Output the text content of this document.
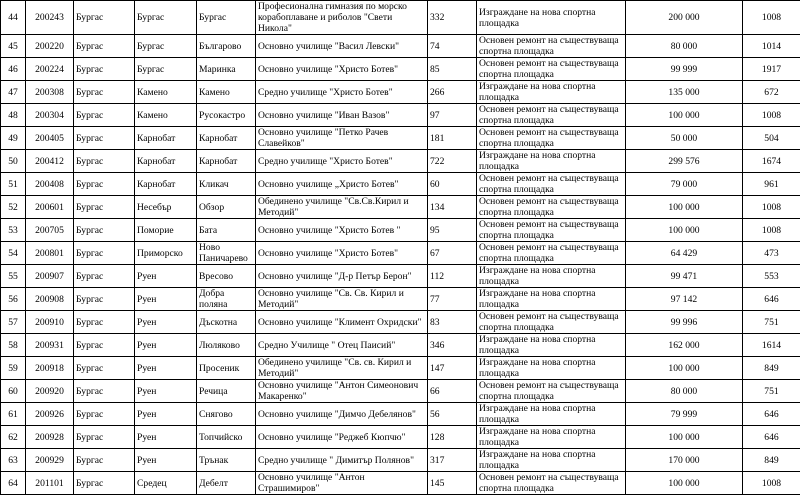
44	200243	Бургас	Бургас	Бургас	Професионална гимназия по морско корабоплаване и риболов "Свети Никола"	332	Изграждане на нова спортна площадка	200 000	1008
45	200220	Бургас	Бургас	Българово	Основно училище "Васил Левски"	74	Основен ремонт на съществуваща спортна площадка	80 000	1014
46	200224	Бургас	Бургас	Маринка	Основно училище "Христо Ботев"	85	Основен ремонт на съществуваща спортна площадка	99 999	1917
47	200308	Бургас	Камено	Камено	Средно училище "Христо Ботев"	266	Изграждане на нова спортна площадка	135 000	672
48	200304	Бургас	Камено	Русокастро	Основно училище "Иван Вазов"	97	Основен ремонт на съществуваща спортна площадка	100 000	1008
49	200405	Бургас	Карнобат	Карнобат	Основно училище "Петко Рачев Славейков"	181	Основен ремонт на съществуваща спортна площадка	50 000	504
50	200412	Бургас	Карнобат	Карнобат	Средно училище "Христо Ботев"	722	Изграждане на нова спортна площадка	299 576	1674
51	200408	Бургас	Карнобат	Кликач	Основно училище „Христо Ботев"	60	Основен ремонт на съществуваща спортна площадка	79 000	961
52	200601	Бургас	Несебър	Обзор	Обединено училище "Св.Св.Кирил и Методий"	134	Основен ремонт на съществуваща спортна площадка	100 000	1008
53	200705	Бургас	Поморие	Бата	Основно училище "Христо Ботев "	95	Основен ремонт на съществуваща спортна площадка	100 000	1008
54	200801	Бургас	Приморско	Ново Паничарево	Основно училище "Христо Ботев"	67	Основен ремонт на съществуваща спортна площадка	64 429	473
55	200907	Бургас	Руен	Вресово	Основно училище "Д-р Петър Берон"	112	Изграждане на нова спортна площадка	99 471	553
56	200908	Бургас	Руен	Добра поляна	Основно училище "Св. Св. Кирил и Методий"	77	Изграждане на нова спортна площадка	97 142	646
57	200910	Бургас	Руен	Дъскотна	Основно училище "Климент Охридски"	83	Основен ремонт на съществуваща спортна площадка	99 996	751
58	200931	Бургас	Руен	Люляково	Средно Училище " Отец Паисий"	346	Изграждане на нова спортна площадка	162 000	1614
59	200918	Бургас	Руен	Просеник	Обединено училище "Св. св. Кирил и Методий"	147	Изграждане на нова спортна площадка	100 000	849
60	200920	Бургас	Руен	Речица	Основно училище "Антон Симеонович Макаренко"	66	Основен ремонт на съществуваща спортна площадка	80 000	751
61	200926	Бургас	Руен	Снягово	Основно училище "Димчо Дебелянов"	56	Изграждане на нова спортна площадка	79 999	646
62	200928	Бургас	Руен	Топчийско	Основно училище "Реджеб Кюпчю"	128	Изграждане на нова спортна площадка	100 000	646
63	200929	Бургас	Руен	Трънак	Средно училище " Димитър Полянов"	317	Изграждане на нова спортна площадка	170 000	849
64	201101	Бургас	Средец	Дебелт	Основно училище "Антон Страшимиров"	145	Основен ремонт на съществуваща спортна площадка	100 000	1008
